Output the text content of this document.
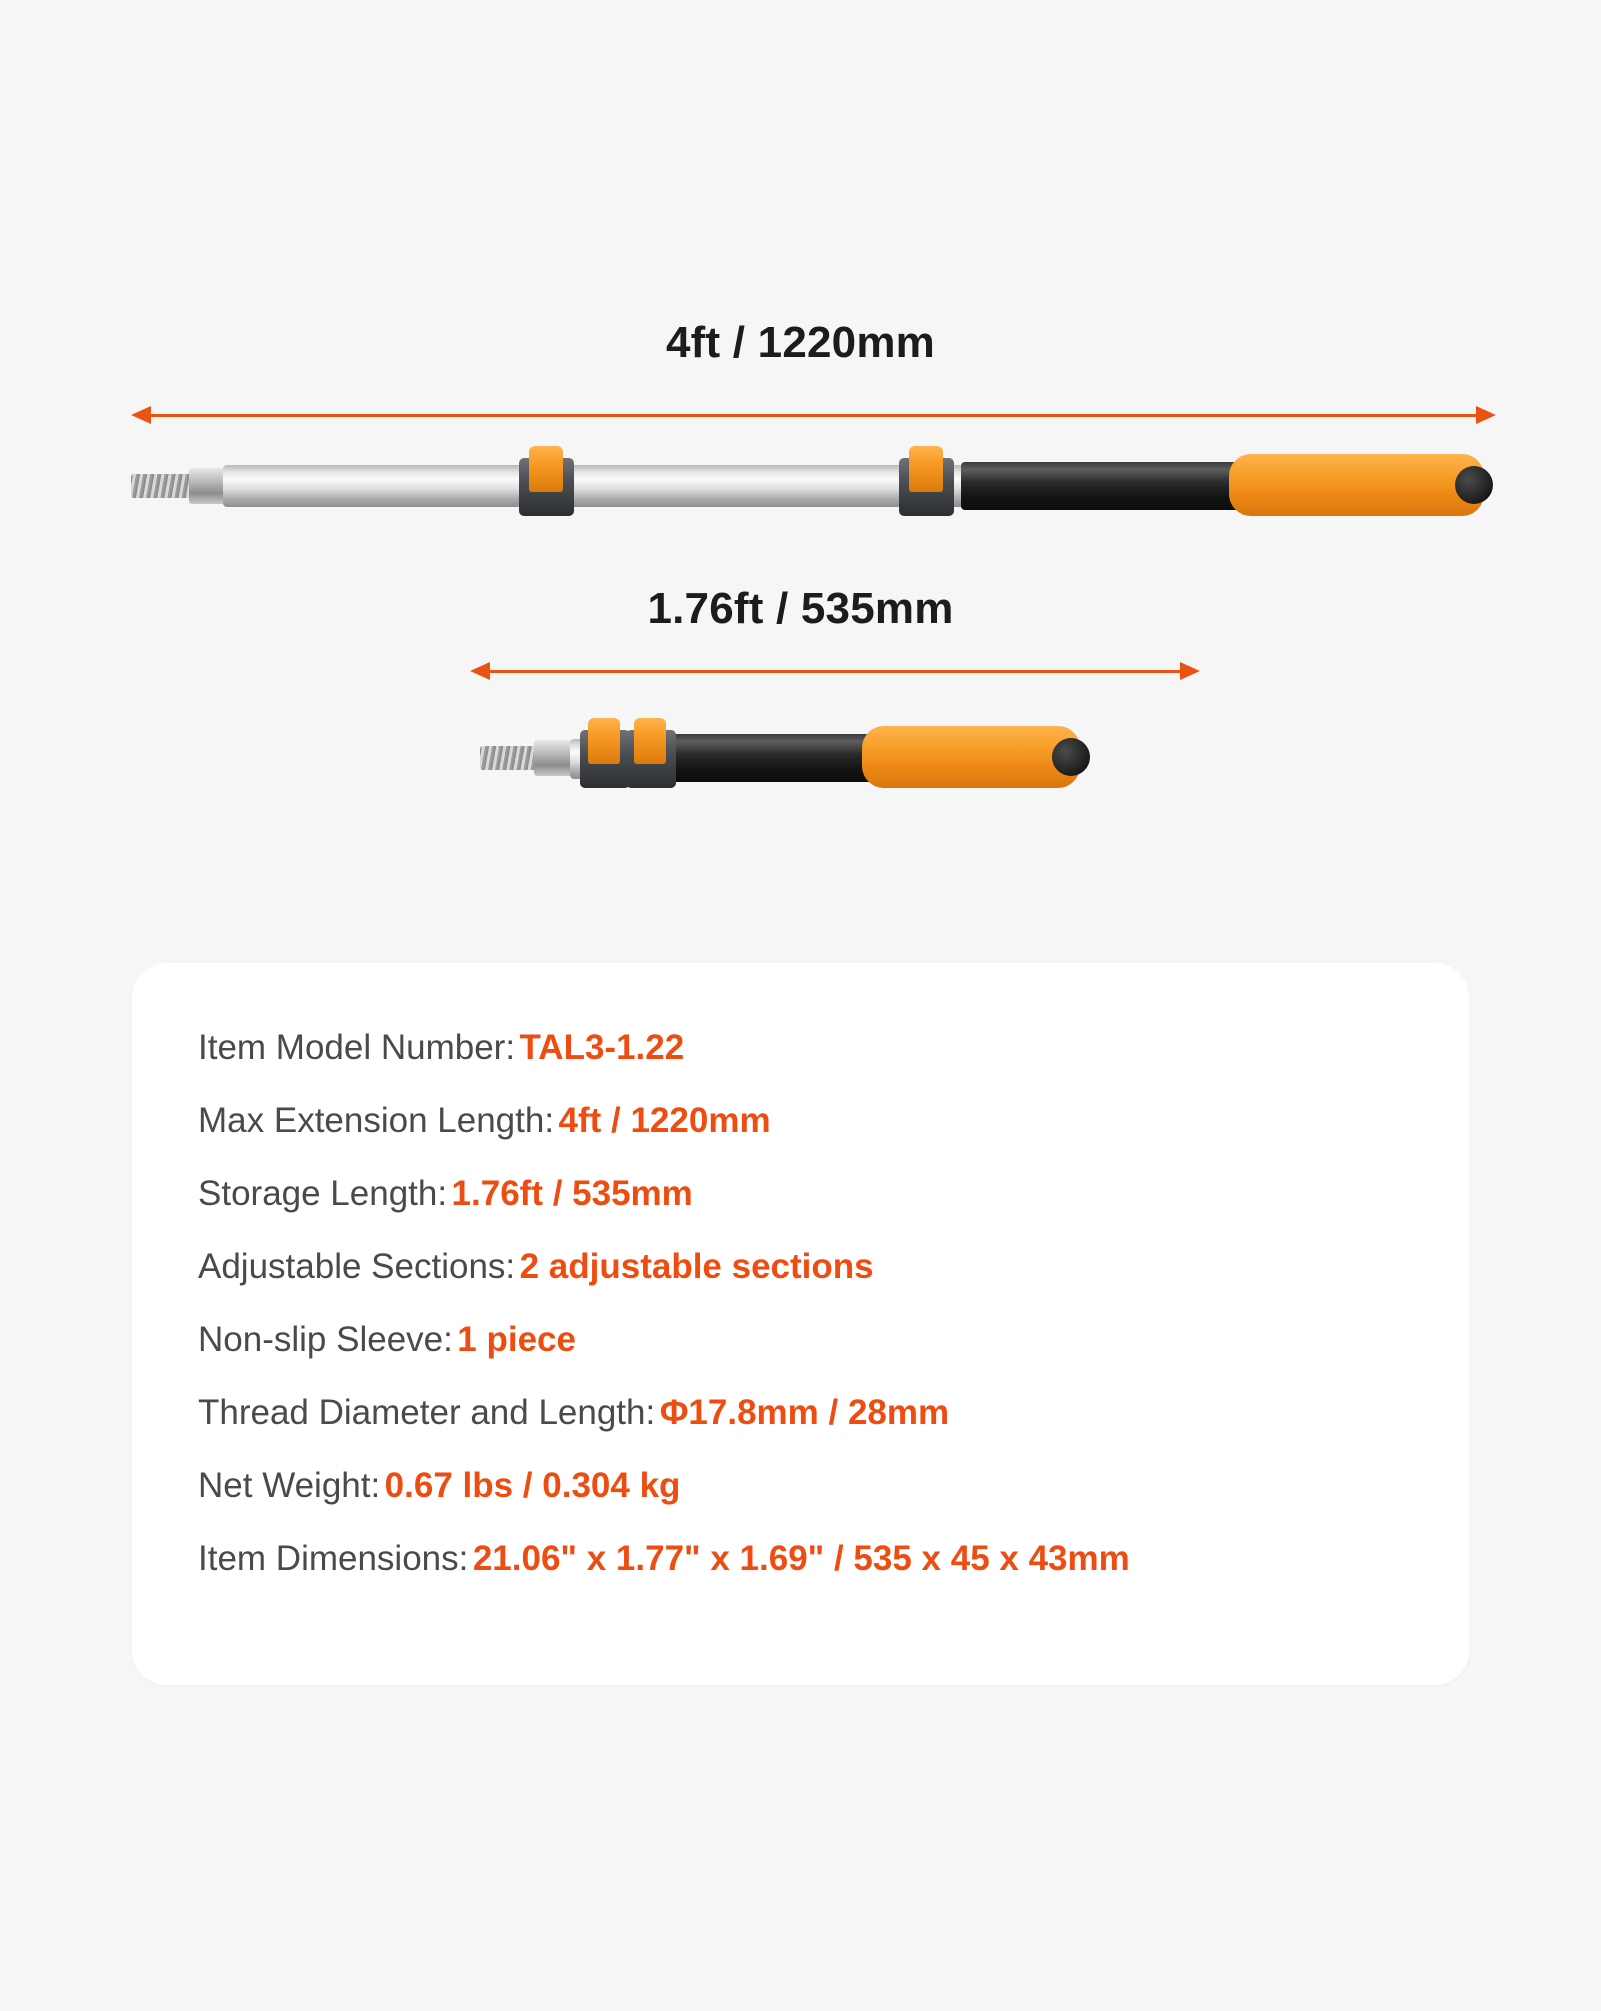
4ft / 1220mm
1.76ft / 535mm
Item Model Number: TAL3-1.22
Max Extension Length: 4ft / 1220mm
Storage Length: 1.76ft / 535mm
Adjustable Sections: 2 adjustable sections
Non-slip Sleeve: 1 piece
Thread Diameter and Length: Φ17.8mm / 28mm
Net Weight: 0.67 lbs / 0.304 kg
Item Dimensions: 21.06" x 1.77" x 1.69" / 535 x 45 x 43mm
